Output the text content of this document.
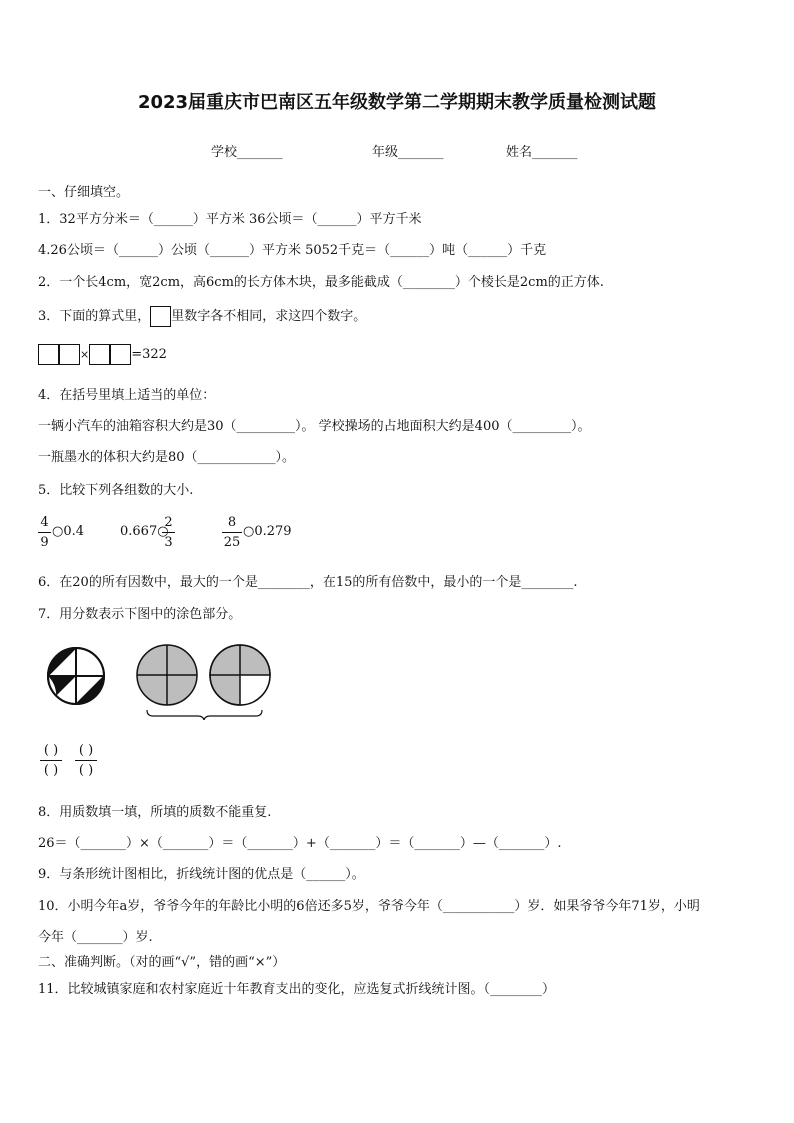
2023届重庆市巴南区五年级数学第二学期期末教学质量检测试题
学校_______	年级_______	姓名_______
一、仔细填空。
1．32平方分米＝（______）平方米 36公顷＝（______）平方千米
4.26公顷＝（______）公顷（______）平方米 5052千克＝（______）吨（______）千克
2．一个长4cm，宽2cm，高6cm的长方体木块，最多能截成（________）个棱长是2cm的正方体.
3．下面的算式里， 里数字各不相同，求这四个数字。
×	=322
4．在括号里填上适当的单位：
一辆小汽车的油箱容积大约是30（_________）。 学校操场的占地面积大约是400（_________）。
一瓶墨水的体积大约是80（____________）。
5．比较下列各组数的大小.
4
9
○0.4	0.667○
2
3
8
25
○0.279
6．在20的所有因数中，最大的一个是________，在15的所有倍数中，最小的一个是________.
7．用分数表示下图中的涂色部分。
( )
( )
( )
( )
8．用质数填一填，所填的质数不能重复.
26＝（_______）×（_______）＝（_______）+（_______）＝（_______）—（_______）.
9．与条形统计图相比，折线统计图的优点是（______）。
10．小明今年a岁，爷爷今年的年龄比小明的6倍还多5岁，爷爷今年（___________）岁．如果爷爷今年71岁，小明
今年（_______）岁.
二、准确判断。（对的画“√”，错的画“×”）
11．比较城镇家庭和农村家庭近十年教育支出的变化，应选复式折线统计图。（________）
